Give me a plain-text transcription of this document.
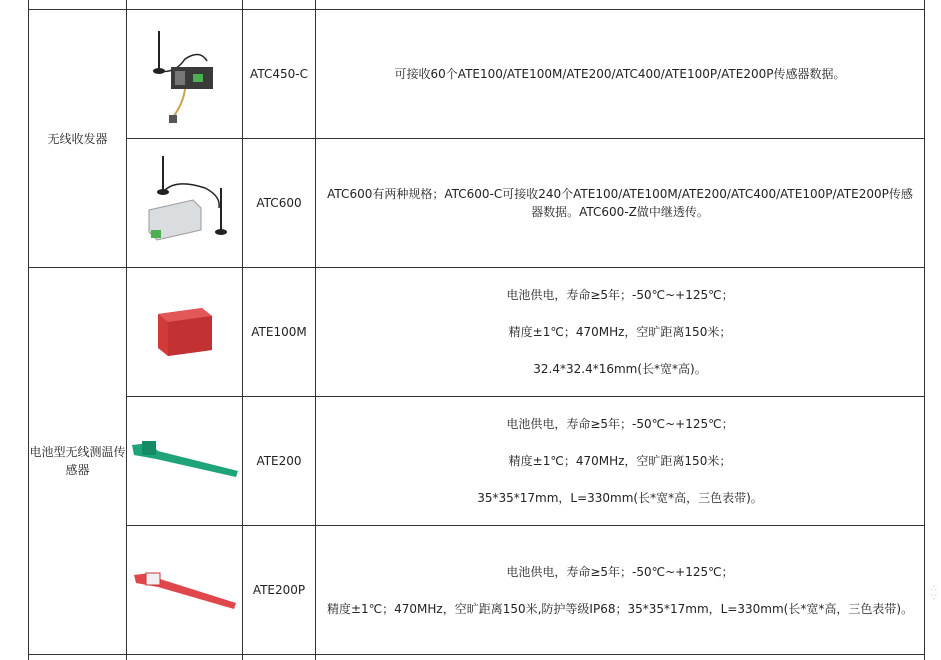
无线收发器		ATC450-C	可接收60个ATE100/ATE100M/ATE200/ATC400/ATE100P/ATE200P传感器数据。

	ATC600	ATC600有两种规格；ATC600-C可接收240个ATE100/ATE100M/ATE200/ATC400/ATE100P/ATE200P传感器数据。ATC600-Z做中继透传。

电池型无线测温传感器		ATE100M	电池供电，寿命≥5年；-50℃~+125℃；
精度±1℃；470MHz，空旷距离150米；
32.4*32.4*16mm(长*宽*高)。

	ATE200	电池供电，寿命≥5年；-50℃~+125℃；
精度±1℃；470MHz，空旷距离150米；
35*35*17mm，L=330mm(长*宽*高，三色表带)。

	ATE200P	电池供电，寿命≥5年；-50℃~+125℃；
精度±1℃；470MHz，空旷距离150米,防护等级IP68；35*35*17mm，L=330mm(长*宽*高，三色表带)。
∴
∵
